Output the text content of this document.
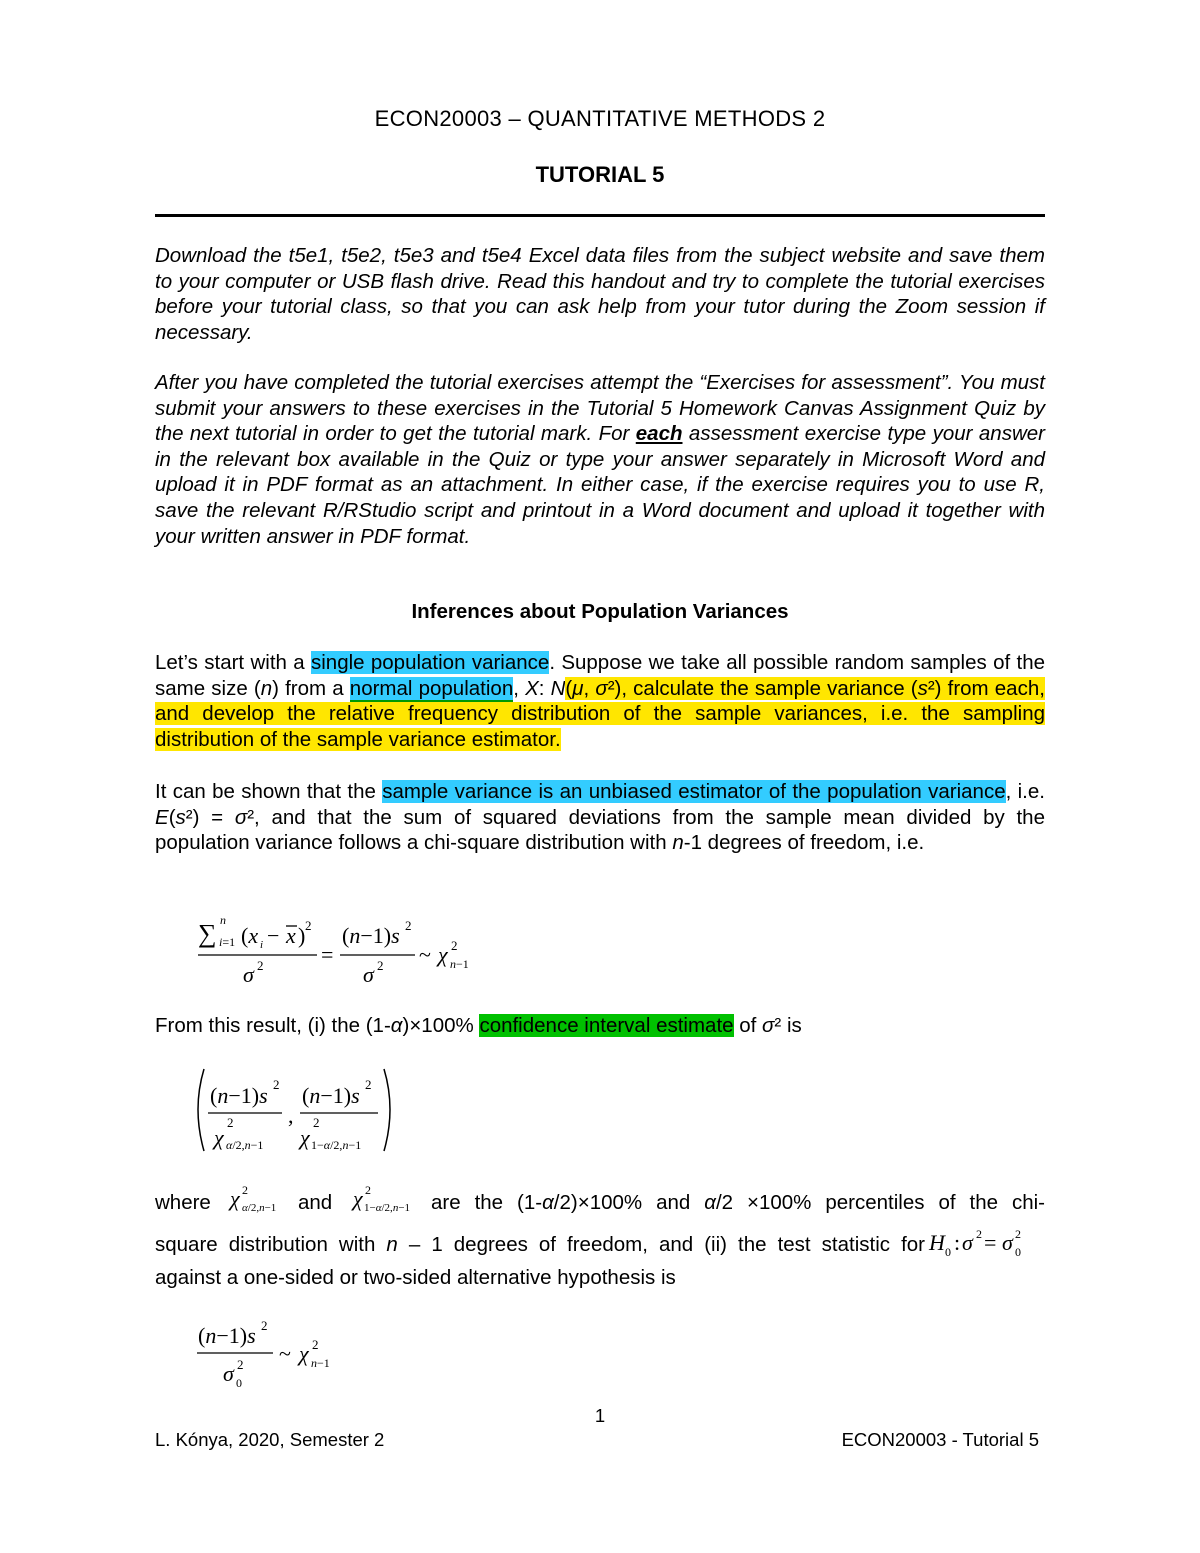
ECON20003 – QUANTITATIVE METHODS 2
TUTORIAL 5

Download the t5e1, t5e2, t5e3 and t5e4 Excel data files from the subject website and save them to your computer or USB flash drive. Read this handout and try to complete the tutorial exercises before your tutorial class, so that you can ask help from your tutor during the Zoom session if necessary.

After you have completed the tutorial exercises attempt the “Exercises for assessment”. You must submit your answers to these exercises in the Tutorial 5 Homework Canvas Assignment Quiz by the next tutorial in order to get the tutorial mark. For each assessment exercise type your answer in the relevant box available in the Quiz or type your answer separately in Microsoft Word and upload it in PDF format as an attachment. In either case, if the exercise requires you to use R, save the relevant R/RStudio script and printout in a Word document and upload it together with your written answer in PDF format.

Inferences about Population Variances

Let’s start with a single population variance. Suppose we take all possible random samples of the same size (n) from a normal population, X: N(μ, σ²), calculate the sample variance (s²) from each, and develop the relative frequency distribution of the sample variances, i.e. the sampling distribution of the sample variance estimator.

It can be shown that the sample variance is an unbiased estimator of the population variance, i.e. E(s²) = σ², and that the sum of squared deviations from the sample mean divided by the population variance follows a chi-square distribution with n-1 degrees of freedom, i.e.

∑ n
i=1 (x i − x ) 2
σ 2	=
(n−1)s 2
σ 2 ~ χ 2
n−1

From this result, (i) the (1-α)×100% confidence interval estimate of σ² is

(n−1)s 2
χ
2
α/2,n−1
,
(n−1)s 2
χ
2
1−α/2,n−1
where χ 2
α/2,n−1 and χ 2
1−α/2,n−1 are the (1-α/2)×100% and α/2 ×100% percentiles of the chi-
square distribution with n – 1 degrees of freedom, and (ii) the test statistic for H 0 : σ 2 = σ 2
0
against a one-sided or two-sided alternative hypothesis is
(n−1)s 2
σ 2
0
~ χ 2
n−1
1
L. Kónya, 2020, Semester 2	ECON20003 - Tutorial 5
